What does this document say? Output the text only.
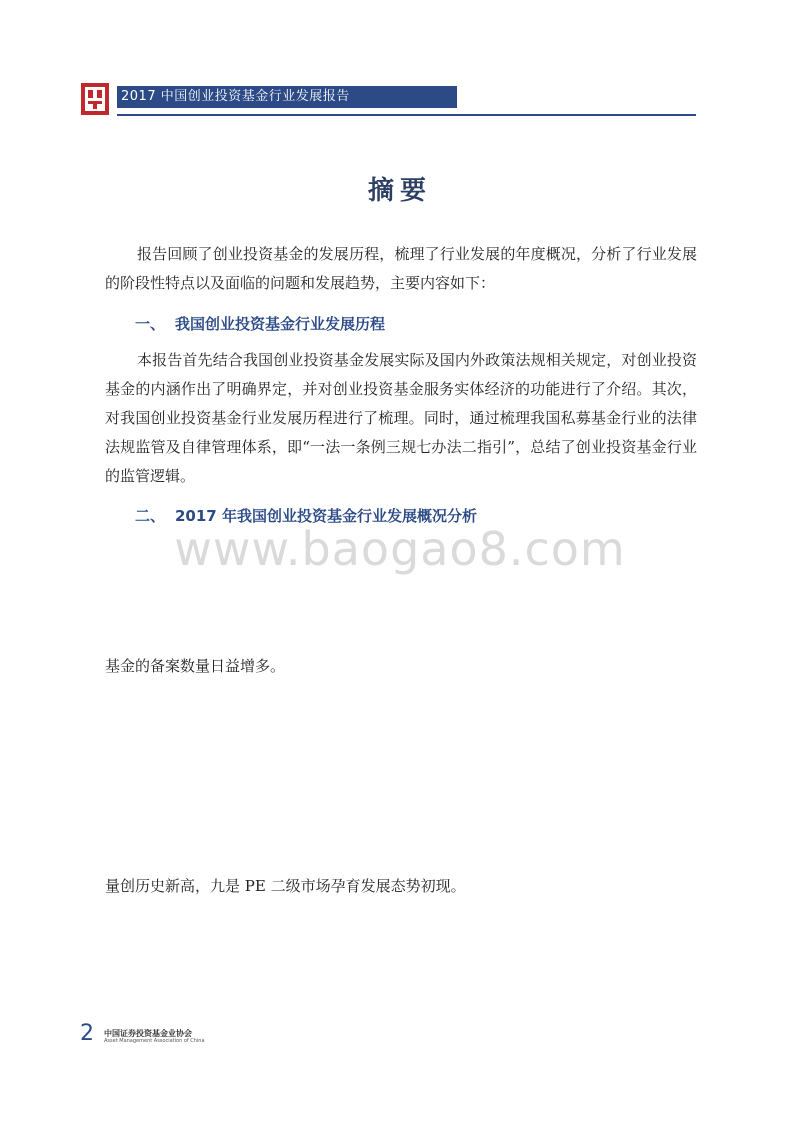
2017 中国创业投资基金行业发展报告
摘要
报告回顾了创业投资基金的发展历程，梳理了行业发展的年度概况，分析了行业发展的阶段性特点以及面临的问题和发展趋势，主要内容如下：
一、 我国创业投资基金行业发展历程
本报告首先结合我国创业投资基金发展实际及国内外政策法规相关规定，对创业投资基金的内涵作出了明确界定，并对创业投资基金服务实体经济的功能进行了介绍。其次，对我国创业投资基金行业发展历程进行了梳理。同时，通过梳理我国私募基金行业的法律法规监管及自律管理体系，即“一法一条例三规七办法二指引”，总结了创业投资基金行业的监管逻辑。
二、 2017 年我国创业投资基金行业发展概况分析
www.baogao8.com
基金的备案数量日益增多。
量创历史新高，九是 PE 二级市场孕育发展态势初现。
2 中国证券投资基金业协会
Asset Management Association of China
